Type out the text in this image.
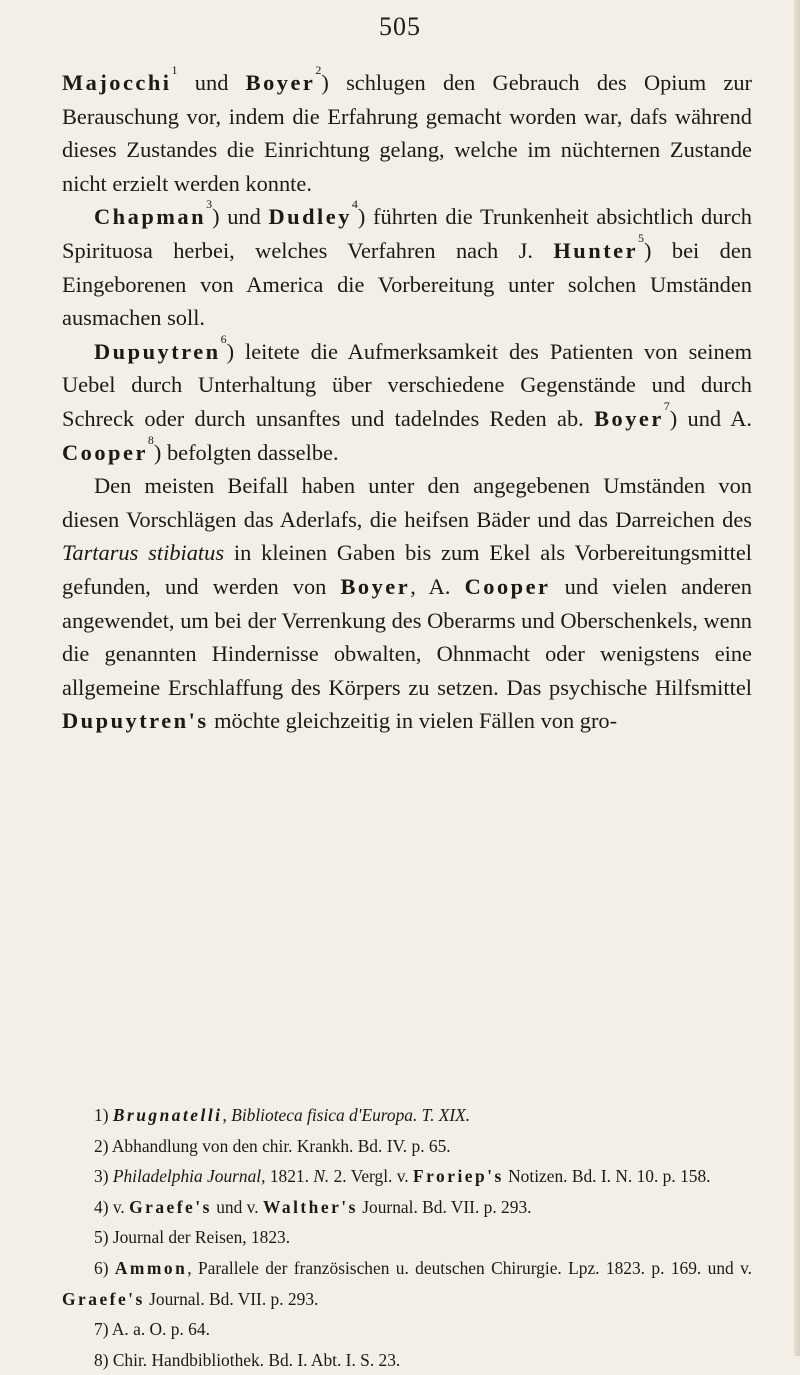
505

Majocchi$^1$ und Boyer$^2$) schlugen den Gebrauch des Opium zur Berauschung vor, indem die Erfahrung gemacht worden war, dafs während dieses Zustandes die Einrichtung gelang, welche im nüchternen Zustande nicht erzielt werden konnte.

Chapman$^3$) und Dudley$^4$) führten die Trunkenheit absichtlich durch Spirituosa herbei, welches Verfahren nach J. Hunter$^5$) bei den Eingeborenen von America die Vorbereitung unter solchen Umständen ausmachen soll.

Dupuytren$^6$) leitete die Aufmerksamkeit des Patienten von seinem Uebel durch Unterhaltung über verschiedene Gegenstände und durch Schreck oder durch unsanftes und tadelndes Reden ab. Boyer$^7$) und A. Cooper$^8$) befolgten dasselbe.

Den meisten Beifall haben unter den angegebenen Umständen von diesen Vorschlägen das Aderlafs, die heifsen Bäder und das Darreichen des Tartarus stibiatus in kleinen Gaben bis zum Ekel als Vorbereitungsmittel gefunden, und werden von Boyer, A. Cooper und vielen anderen angewendet, um bei der Verrenkung des Oberarms und Oberschenkels, wenn die genannten Hindernisse obwalten, Ohnmacht oder wenigstens eine allgemeine Erschlaffung des Körpers zu setzen. Das psychische Hilfsmittel Dupuytren's möchte gleichzeitig in vielen Fällen von gro-

1) Brugnatelli, Biblioteca fisica d'Europa. T. XIX.

2) Abhandlung von den chir. Krankh. Bd. IV. p. 65.

3) Philadelphia Journal, 1821. N. 2. Vergl. v. Froriep's Notizen. Bd. I. N. 10. p. 158.

4) v. Graefe's und v. Walther's Journal. Bd. VII. p. 293.

5) Journal der Reisen, 1823.

6) Ammon, Parallele der französischen u. deutschen Chirurgie. Lpz. 1823. p. 169. und v. Graefe's Journal. Bd. VII. p. 293.

7) A. a. O. p. 64.

8) Chir. Handbibliothek. Bd. I. Abt. I. S. 23.
